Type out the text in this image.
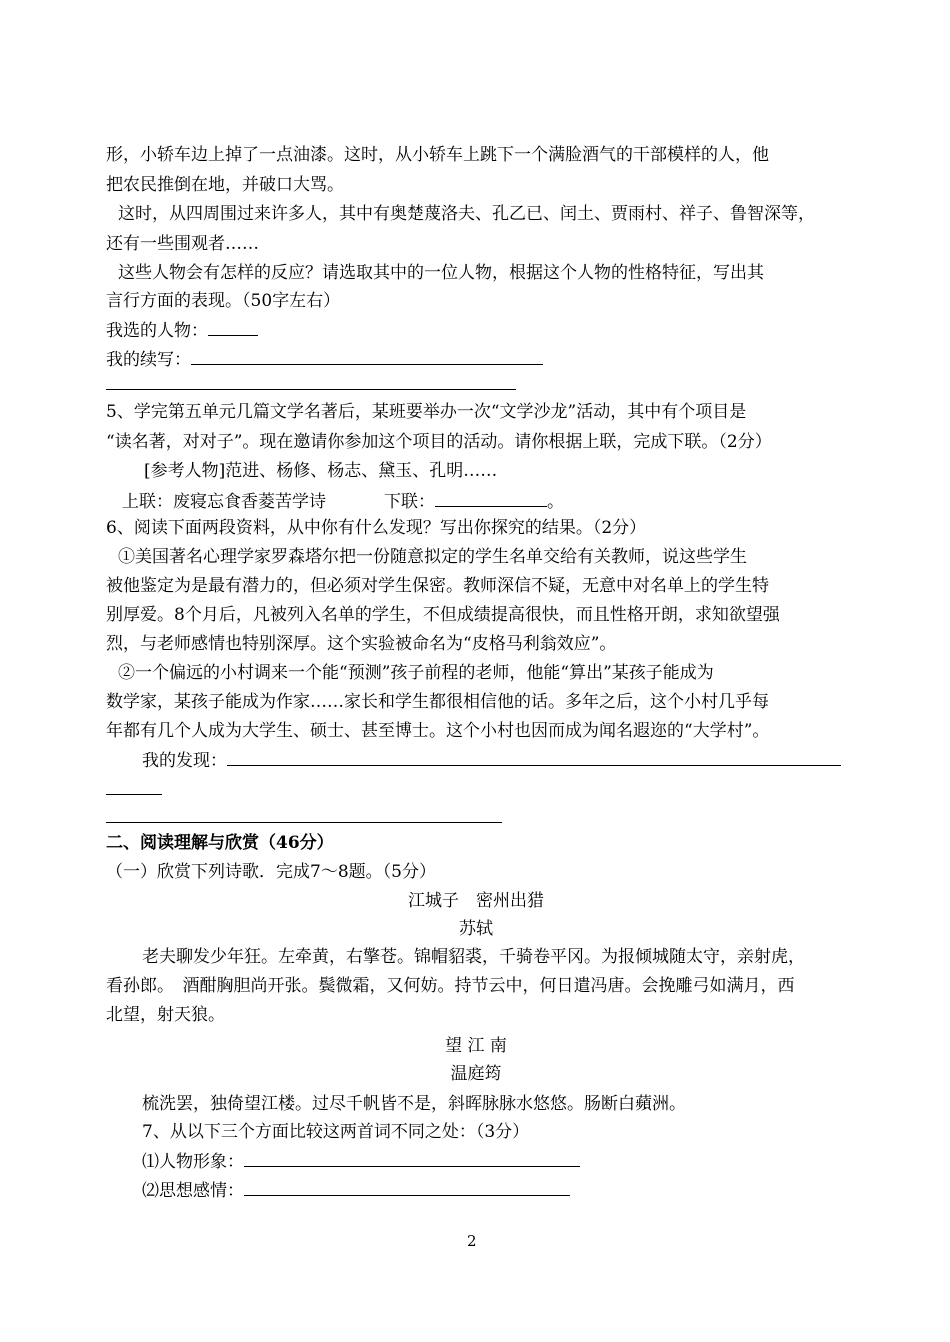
形，小轿车边上掉了一点油漆。这时，从小轿车上跳下一个满脸酒气的干部模样的人，他
把农民推倒在地，并破口大骂。
这时，从四周围过来许多人，其中有奥楚蔑洛夫、孔乙已、闰土、贾雨村、祥子、鲁智深等，
还有一些围观者……
这些人物会有怎样的反应？请选取其中的一位人物，根据这个人物的性格特征，写出其
言行方面的表现。（50字左右）
我选的人物：
我的续写：
5、学完第五单元几篇文学名著后，某班要举办一次“文学沙龙”活动，其中有个项目是
“读名著，对对子”。现在邀请你参加这个项目的活动。请你根据上联，完成下联。（2分）
[参考人物]范进、杨修、杨志、黛玉、孔明……
上联：废寝忘食香菱苦学诗	下联：	。
6、阅读下面两段资料，从中你有什么发现？写出你探究的结果。（2分）
①美国著名心理学家罗森塔尔把一份随意拟定的学生名单交给有关教师，说这些学生
被他鉴定为是最有潜力的，但必须对学生保密。教师深信不疑，无意中对名单上的学生特
别厚爱。8个月后，凡被列入名单的学生，不但成绩提高很快，而且性格开朗，求知欲望强
烈，与老师感情也特别深厚。这个实验被命名为“皮格马利翁效应”。
②一个偏远的小村调来一个能“预测”孩子前程的老师，他能“算出”某孩子能成为
数学家，某孩子能成为作家……家长和学生都很相信他的话。多年之后，这个小村几乎每
年都有几个人成为大学生、硕士、甚至博士。这个小村也因而成为闻名遐迩的“大学村”。
我的发现：
二、阅读理解与欣赏（46分）
（一）欣赏下列诗歌．完成7～8题。（5分）
江城子　密州出猎
苏轼
老夫聊发少年狂。左牵黄，右擎苍。锦帽貂裘，千骑卷平冈。为报倾城随太守，亲射虎，
看孙郎。　酒酣胸胆尚开张。鬓微霜，又何妨。持节云中，何日遣冯唐。会挽雕弓如满月，西
北望，射天狼。
望 江 南
温庭筠
梳洗罢，独倚望江楼。过尽千帆皆不是，斜晖脉脉水悠悠。肠断白蘋洲。
7、从以下三个方面比较这两首词不同之处：（3分）
⑴人物形象：
⑵思想感情：
2
